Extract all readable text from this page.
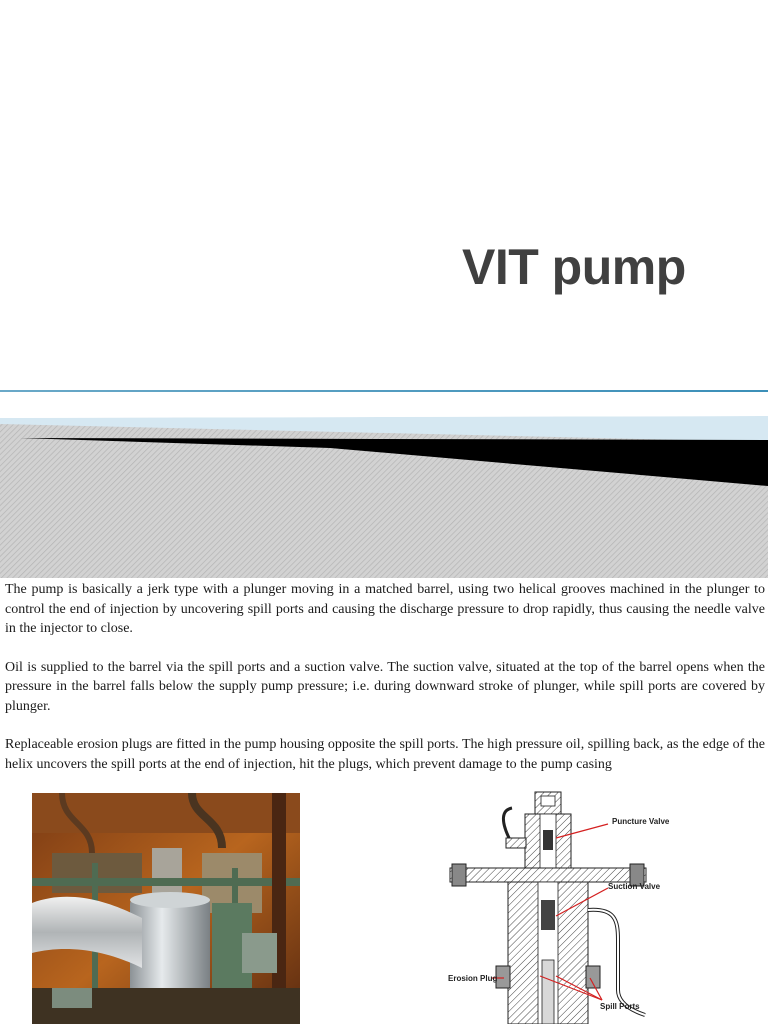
VIT pump

The pump is basically a jerk type with a plunger moving in a matched barrel, using two helical grooves machined in the plunger to control the end of injection by uncovering spill ports and causing the discharge pressure to drop rapidly, thus causing the needle valve in the injector to close.

Oil is supplied to the barrel via the spill ports and a suction valve. The suction valve, situated at the top of the barrel opens when the pressure in the barrel falls below the supply pump pressure; i.e. during downward stroke of plunger, while spill ports are covered by plunger.

Replaceable erosion plugs are fitted in the pump housing opposite the spill ports. The high pressure oil, spilling back, as the edge of the helix uncovers the spill ports at the end of injection, hit the plugs, which prevent damage to the pump casing

Puncture Valve
Suction Valve
Erosion Plug
Spill Ports
